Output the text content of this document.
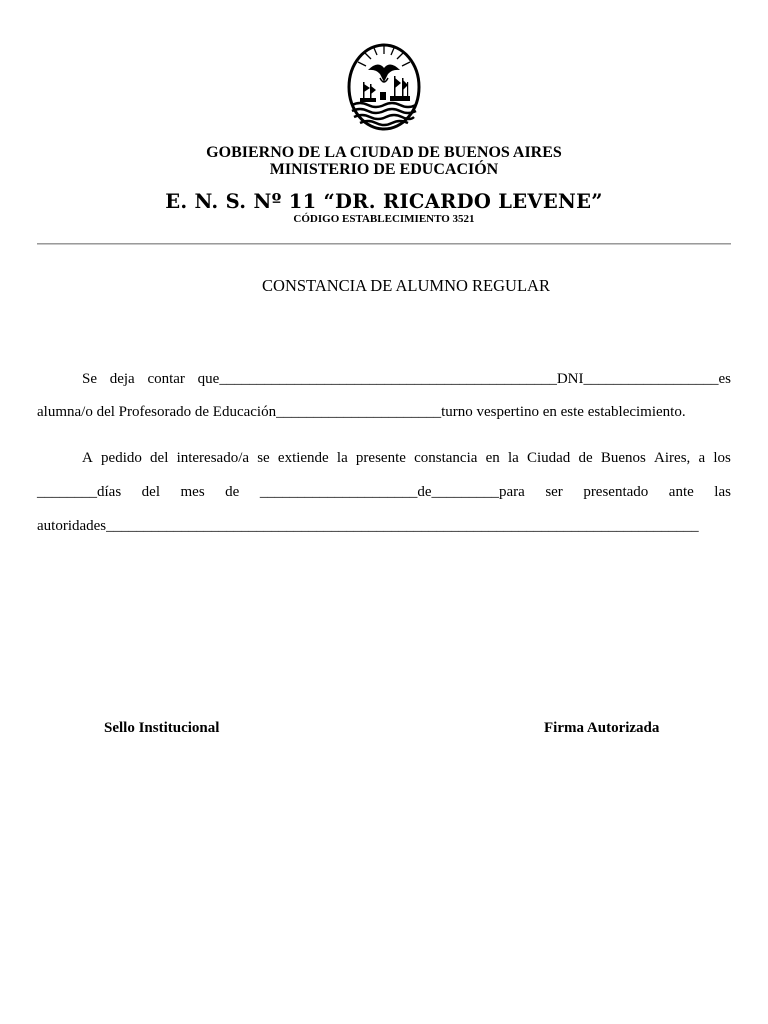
GOBIERNO DE LA CIUDAD DE BUENOS AIRES
MINISTERIO DE EDUCACIÓN
E. N. S. Nº 11 “DR. RICARDO LEVENE”
CÓDIGO ESTABLECIMIENTO 3521
CONSTANCIA DE ALUMNO REGULAR
Se deja contar que_____________________________________________DNI__________________es
alumna/o del Profesorado de Educación______________________turno vespertino en este establecimiento.
A pedido del interesado/a se extiende la presente constancia en la Ciudad de Buenos Aires, a los
________días del mes de _____________________de_________para ser presentado ante las
autoridades_______________________________________________________________________________
Sello Institucional	Firma Autorizada
